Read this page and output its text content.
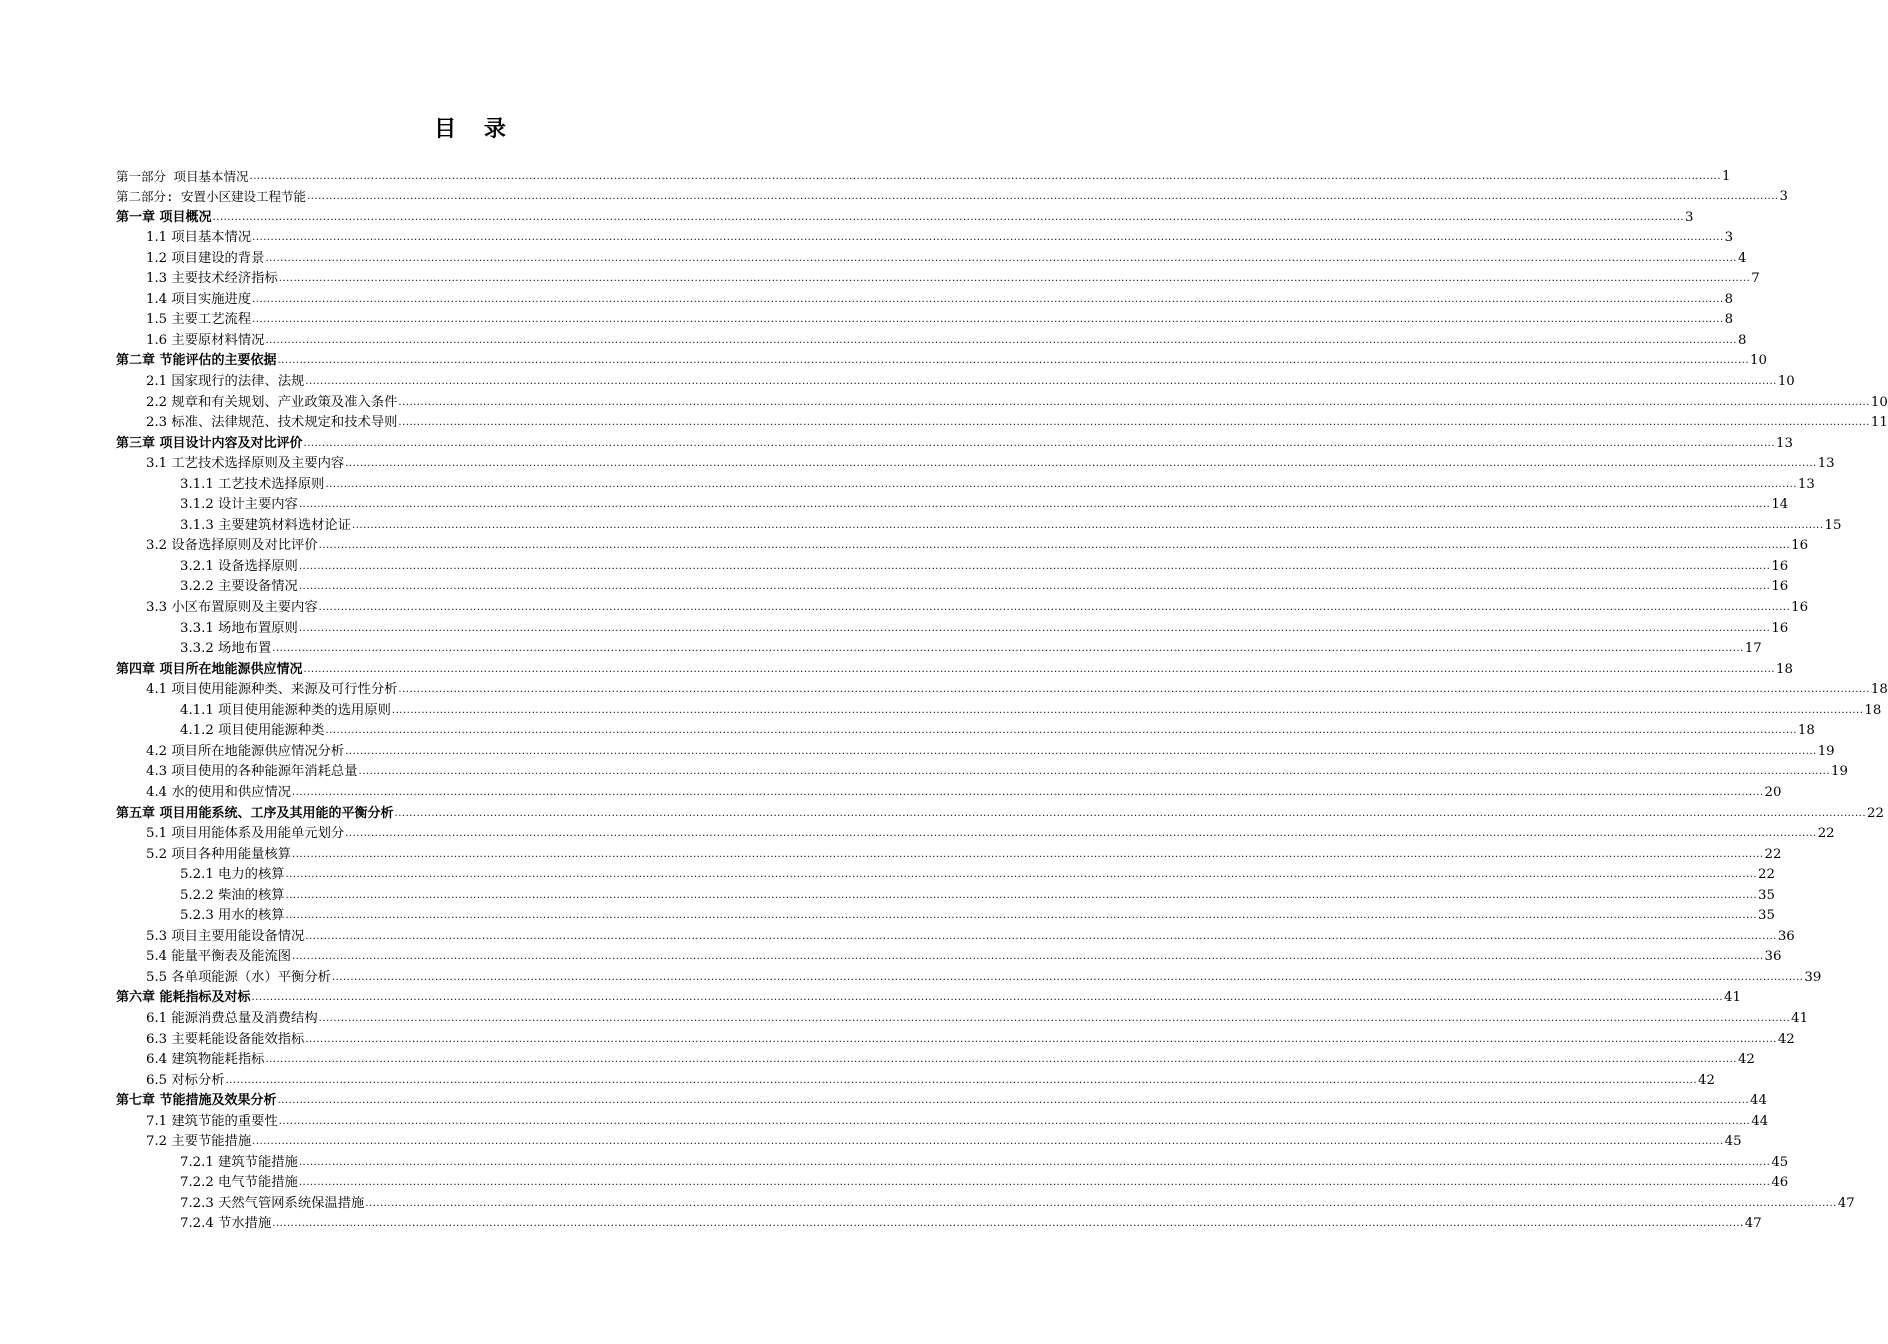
目 录
第一部分 项目基本情况 ................................................................................................................................................................................................................................................................................................................................................................................................................ 1
第二部分: 安置小区建设工程节能 ................................................................................................................................................................................................................................................................................................................................................................................................................ 3
第一章 项目概况 ................................................................................................................................................................................................................................................................................................................................................................................................................ 3
1.1 项目基本情况 ................................................................................................................................................................................................................................................................................................................................................................................................................ 3
1.2 项目建设的背景 ................................................................................................................................................................................................................................................................................................................................................................................................................ 4
1.3 主要技术经济指标 ................................................................................................................................................................................................................................................................................................................................................................................................................ 7
1.4 项目实施进度 ................................................................................................................................................................................................................................................................................................................................................................................................................ 8
1.5 主要工艺流程 ................................................................................................................................................................................................................................................................................................................................................................................................................ 8
1.6 主要原材料情况 ................................................................................................................................................................................................................................................................................................................................................................................................................ 8
第二章 节能评估的主要依据 ................................................................................................................................................................................................................................................................................................................................................................................................................ 10
2.1 国家现行的法律、法规 ................................................................................................................................................................................................................................................................................................................................................................................................................ 10
2.2 规章和有关规划、产业政策及准入条件 ................................................................................................................................................................................................................................................................................................................................................................................................................ 10
2.3 标准、法律规范、技术规定和技术导则 ................................................................................................................................................................................................................................................................................................................................................................................................................ 11
第三章 项目设计内容及对比评价 ................................................................................................................................................................................................................................................................................................................................................................................................................ 13
3.1 工艺技术选择原则及主要内容 ................................................................................................................................................................................................................................................................................................................................................................................................................ 13
3.1.1 工艺技术选择原则 ................................................................................................................................................................................................................................................................................................................................................................................................................ 13
3.1.2 设计主要内容 ................................................................................................................................................................................................................................................................................................................................................................................................................ 14
3.1.3 主要建筑材料选材论证 ................................................................................................................................................................................................................................................................................................................................................................................................................ 15
3.2 设备选择原则及对比评价 ................................................................................................................................................................................................................................................................................................................................................................................................................ 16
3.2.1 设备选择原则 ................................................................................................................................................................................................................................................................................................................................................................................................................ 16
3.2.2 主要设备情况 ................................................................................................................................................................................................................................................................................................................................................................................................................ 16
3.3 小区布置原则及主要内容 ................................................................................................................................................................................................................................................................................................................................................................................................................ 16
3.3.1 场地布置原则 ................................................................................................................................................................................................................................................................................................................................................................................................................ 16
3.3.2 场地布置 ................................................................................................................................................................................................................................................................................................................................................................................................................ 17
第四章 项目所在地能源供应情况 ................................................................................................................................................................................................................................................................................................................................................................................................................ 18
4.1 项目使用能源种类、来源及可行性分析 ................................................................................................................................................................................................................................................................................................................................................................................................................ 18
4.1.1 项目使用能源种类的选用原则 ................................................................................................................................................................................................................................................................................................................................................................................................................ 18
4.1.2 项目使用能源种类 ................................................................................................................................................................................................................................................................................................................................................................................................................ 18
4.2 项目所在地能源供应情况分析 ................................................................................................................................................................................................................................................................................................................................................................................................................ 19
4.3 项目使用的各种能源年消耗总量 ................................................................................................................................................................................................................................................................................................................................................................................................................ 19
4.4 水的使用和供应情况 ................................................................................................................................................................................................................................................................................................................................................................................................................ 20
第五章 项目用能系统、工序及其用能的平衡分析 ................................................................................................................................................................................................................................................................................................................................................................................................................ 22
5.1 项目用能体系及用能单元划分 ................................................................................................................................................................................................................................................................................................................................................................................................................ 22
5.2 项目各种用能量核算 ................................................................................................................................................................................................................................................................................................................................................................................................................ 22
5.2.1 电力的核算 ................................................................................................................................................................................................................................................................................................................................................................................................................ 22
5.2.2 柴油的核算 ................................................................................................................................................................................................................................................................................................................................................................................................................ 35
5.2.3 用水的核算 ................................................................................................................................................................................................................................................................................................................................................................................................................ 35
5.3 项目主要用能设备情况 ................................................................................................................................................................................................................................................................................................................................................................................................................ 36
5.4 能量平衡表及能流图 ................................................................................................................................................................................................................................................................................................................................................................................................................ 36
5.5 各单项能源（水）平衡分析 ................................................................................................................................................................................................................................................................................................................................................................................................................ 39
第六章 能耗指标及对标 ................................................................................................................................................................................................................................................................................................................................................................................................................ 41
6.1 能源消费总量及消费结构 ................................................................................................................................................................................................................................................................................................................................................................................................................ 41
6.3 主要耗能设备能效指标 ................................................................................................................................................................................................................................................................................................................................................................................................................ 42
6.4 建筑物能耗指标 ................................................................................................................................................................................................................................................................................................................................................................................................................ 42
6.5 对标分析 ................................................................................................................................................................................................................................................................................................................................................................................................................ 42
第七章 节能措施及效果分析 ................................................................................................................................................................................................................................................................................................................................................................................................................ 44
7.1 建筑节能的重要性 ................................................................................................................................................................................................................................................................................................................................................................................................................ 44
7.2 主要节能措施 ................................................................................................................................................................................................................................................................................................................................................................................................................ 45
7.2.1 建筑节能措施 ................................................................................................................................................................................................................................................................................................................................................................................................................ 45
7.2.2 电气节能措施 ................................................................................................................................................................................................................................................................................................................................................................................................................ 46
7.2.3 天然气管网系统保温措施 ................................................................................................................................................................................................................................................................................................................................................................................................................ 47
7.2.4 节水措施 ................................................................................................................................................................................................................................................................................................................................................................................................................ 47
